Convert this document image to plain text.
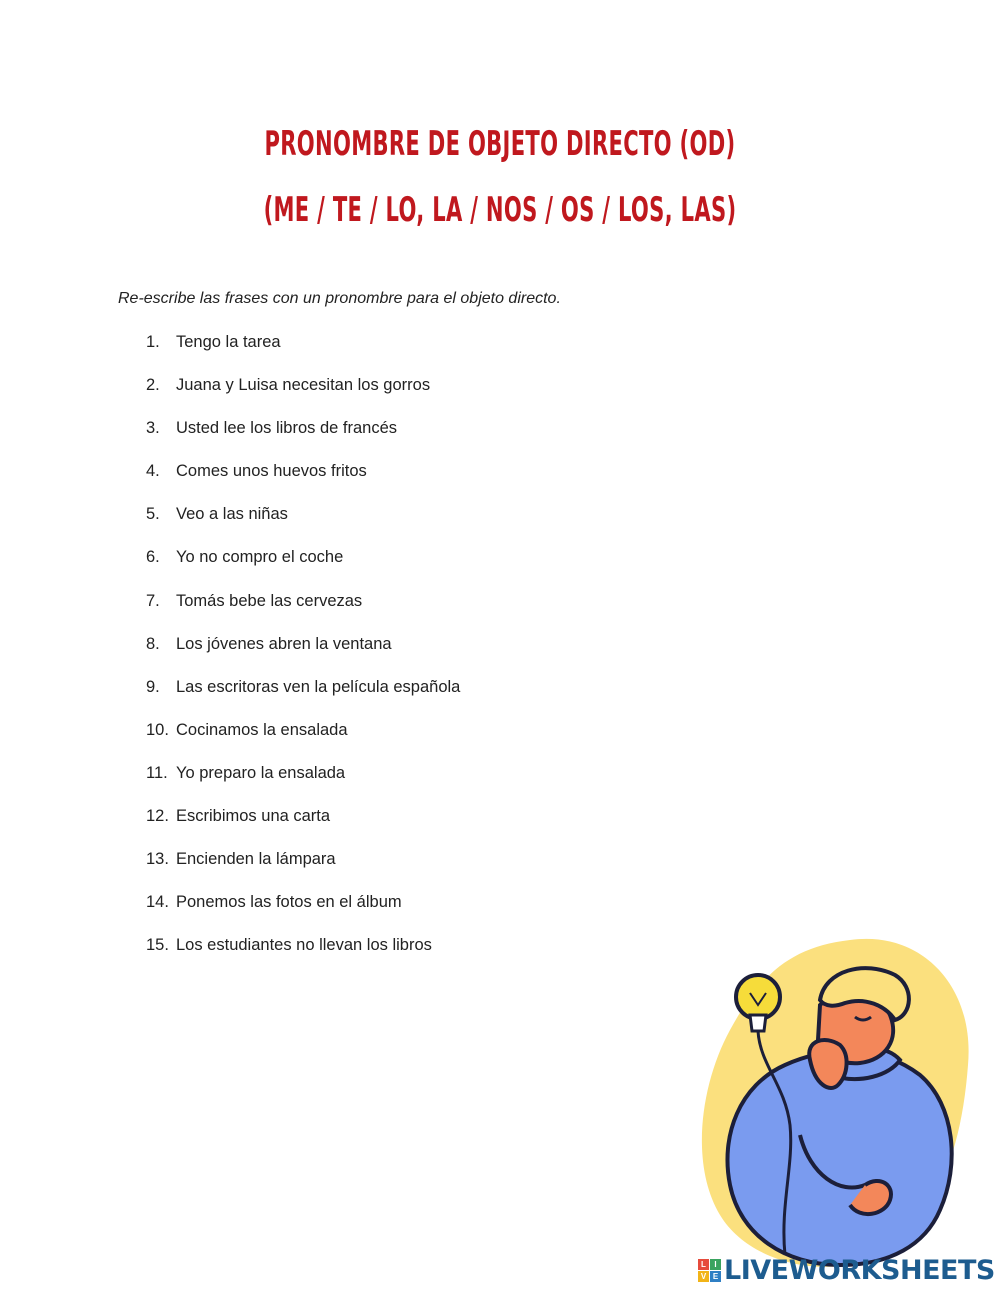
PRONOMBRE DE OBJETO DIRECTO (OD)
(ME / TE / LO, LA / NOS / OS / LOS, LAS)
Re-escribe las frases con un pronombre para el objeto directo.
1. Tengo la tarea
2. Juana y Luisa necesitan los gorros
3. Usted lee los libros de francés
4. Comes unos huevos fritos
5. Veo a las niñas
6. Yo no compro el coche
7. Tomás bebe las cervezas
8. Los jóvenes abren la ventana
9. Las escritoras ven la película española
10. Cocinamos la ensalada
11. Yo preparo la ensalada
12. Escribimos una carta
13. Encienden la lámpara
14. Ponemos las fotos en el álbum
15. Los estudiantes no llevan los libros
L	I
V E LIVEWORKSHEETS
